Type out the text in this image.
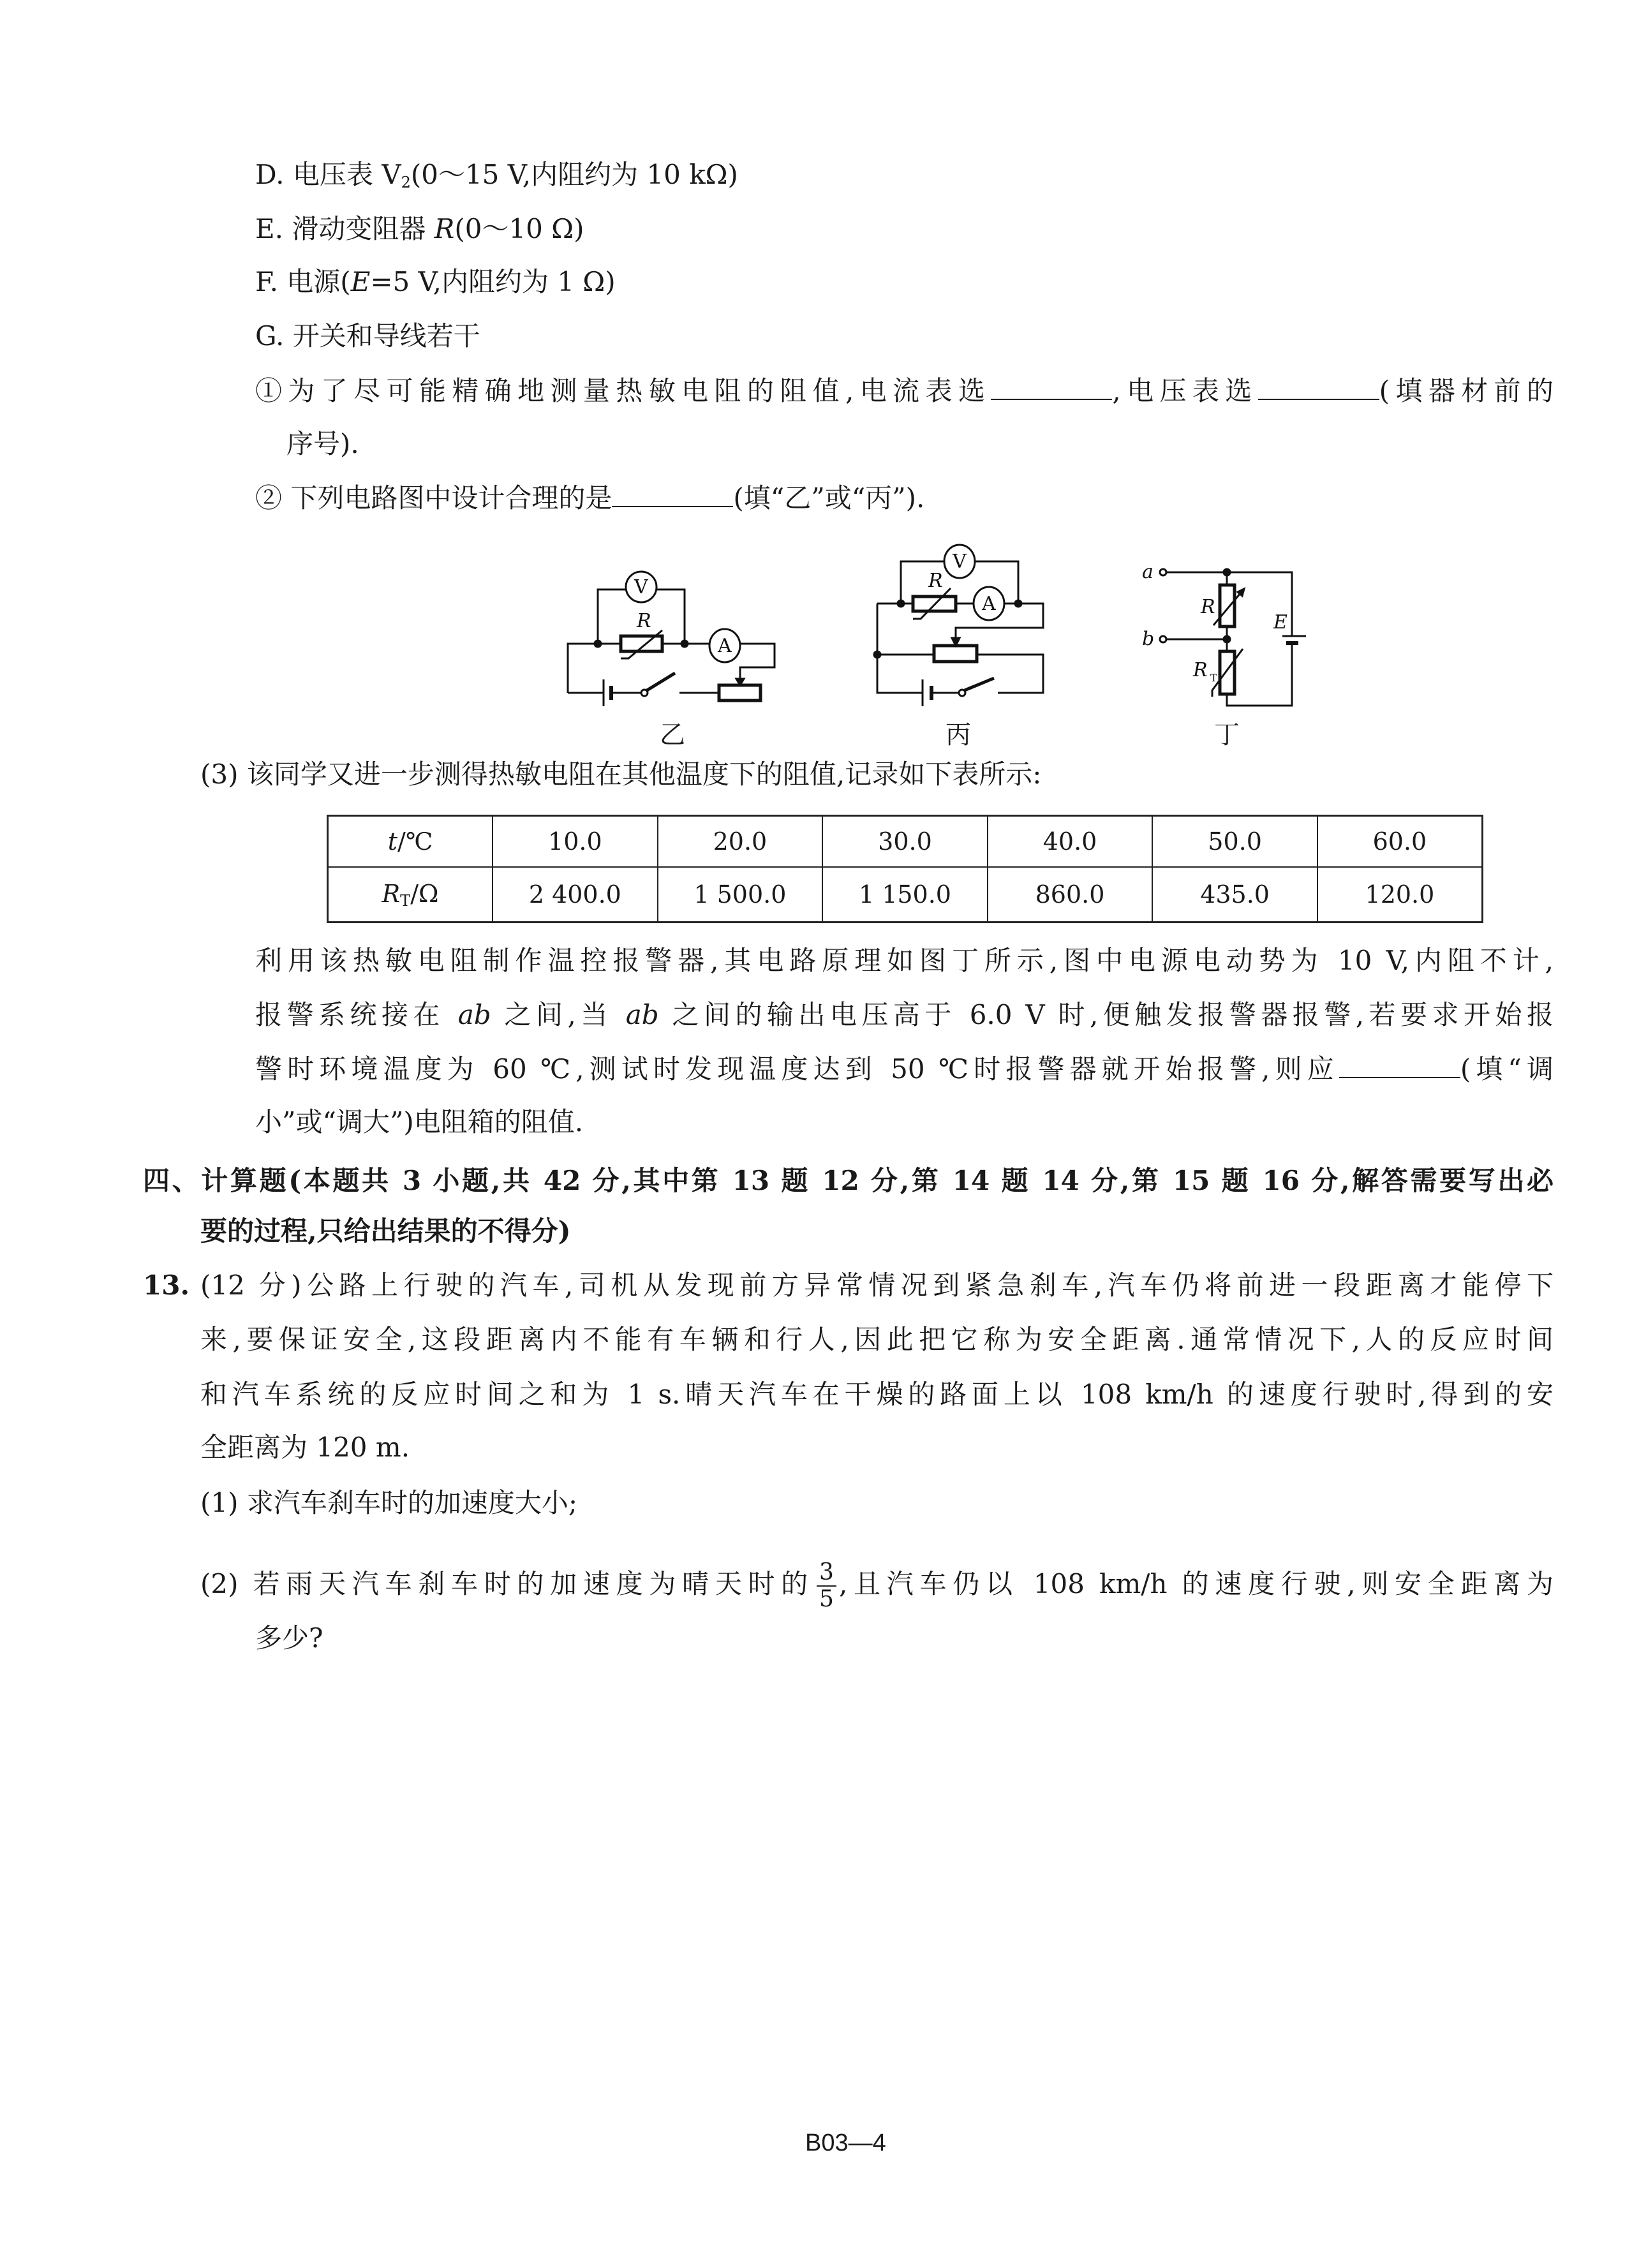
D. 电压表 $V_2(0\sim 15$ V,内阻约为 10 kΩ)
E. 滑动变阻器 R(0～10 Ω)
F. 电源(E=5 V,内阻约为 1 Ω)
G. 开关和导线若干
①为了尽可能精确地测量热敏电阻的阻值,电流表选	,电压表选	(填器材前的
序号).
② 下列电路图中设计合理的是	(填“乙”或“丙”).
R
V
A
R
V
A
a
b
R
E
R T
乙	丙	丁
(3) 该同学又进一步测得热敏电阻在其他温度下的阻值,记录如下表所示:
t/℃	10.0	20.0	30.0	40.0	50.0	60.0
$R_T/\Omega$	2 400.0	1 500.0	1 150.0	860.0	435.0	120.0
利用该热敏电阻制作温控报警器,其电路原理如图丁所示,图中电源电动势为 10 V,内阻不计,
报警系统接在 ab 之间,当 ab 之间的输出电压高于 6.0 V 时,便触发报警器报警,若要求开始报
警时环境温度为 60 ℃,测试时发现温度达到 50 ℃时报警器就开始报警,则应	(填“调
小”或“调大”)电阻箱的阻值.
四、计算题(本题共 3 小题,共 42 分,其中第 13 题 12 分,第 14 题 14 分,第 15 题 16 分,解答需要写出必
要的过程,只给出结果的不得分)
13. (12 分)公路上行驶的汽车,司机从发现前方异常情况到紧急刹车,汽车仍将前进一段距离才能停下
来,要保证安全,这段距离内不能有车辆和行人,因此把它称为安全距离.通常情况下,人的反应时间
和汽车系统的反应时间之和为 1 s.晴天汽车在干燥的路面上以 108 km/h 的速度行驶时,得到的安
全距离为 120 m.
(1) 求汽车刹车时的加速度大小;
(2) 若雨天汽车刹车时的加速度为晴天时的 $\frac{3}{5}$ ,且汽车仍以 108 km/h 的速度行驶,则安全距离为
多少?
B03—4
